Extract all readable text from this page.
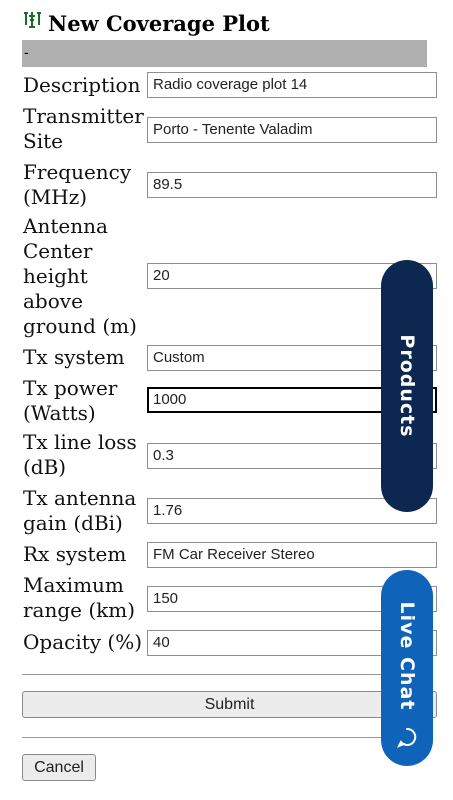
New Coverage Plot
-
Description
Transmitter Site
Frequency (MHz)
Antenna Center height above ground (m)
Tx system
Tx power (Watts)
Tx line loss (dB)
Tx antenna gain (dBi)
Rx system
Maximum range (km)
Opacity (%)
Radio coverage plot 14
Porto - Tenente Valadim
89.5
20
Custom
1000
0.3
1.76
FM Car Receiver Stereo
150
40
Submit
Cancel
Products
Live Chat
